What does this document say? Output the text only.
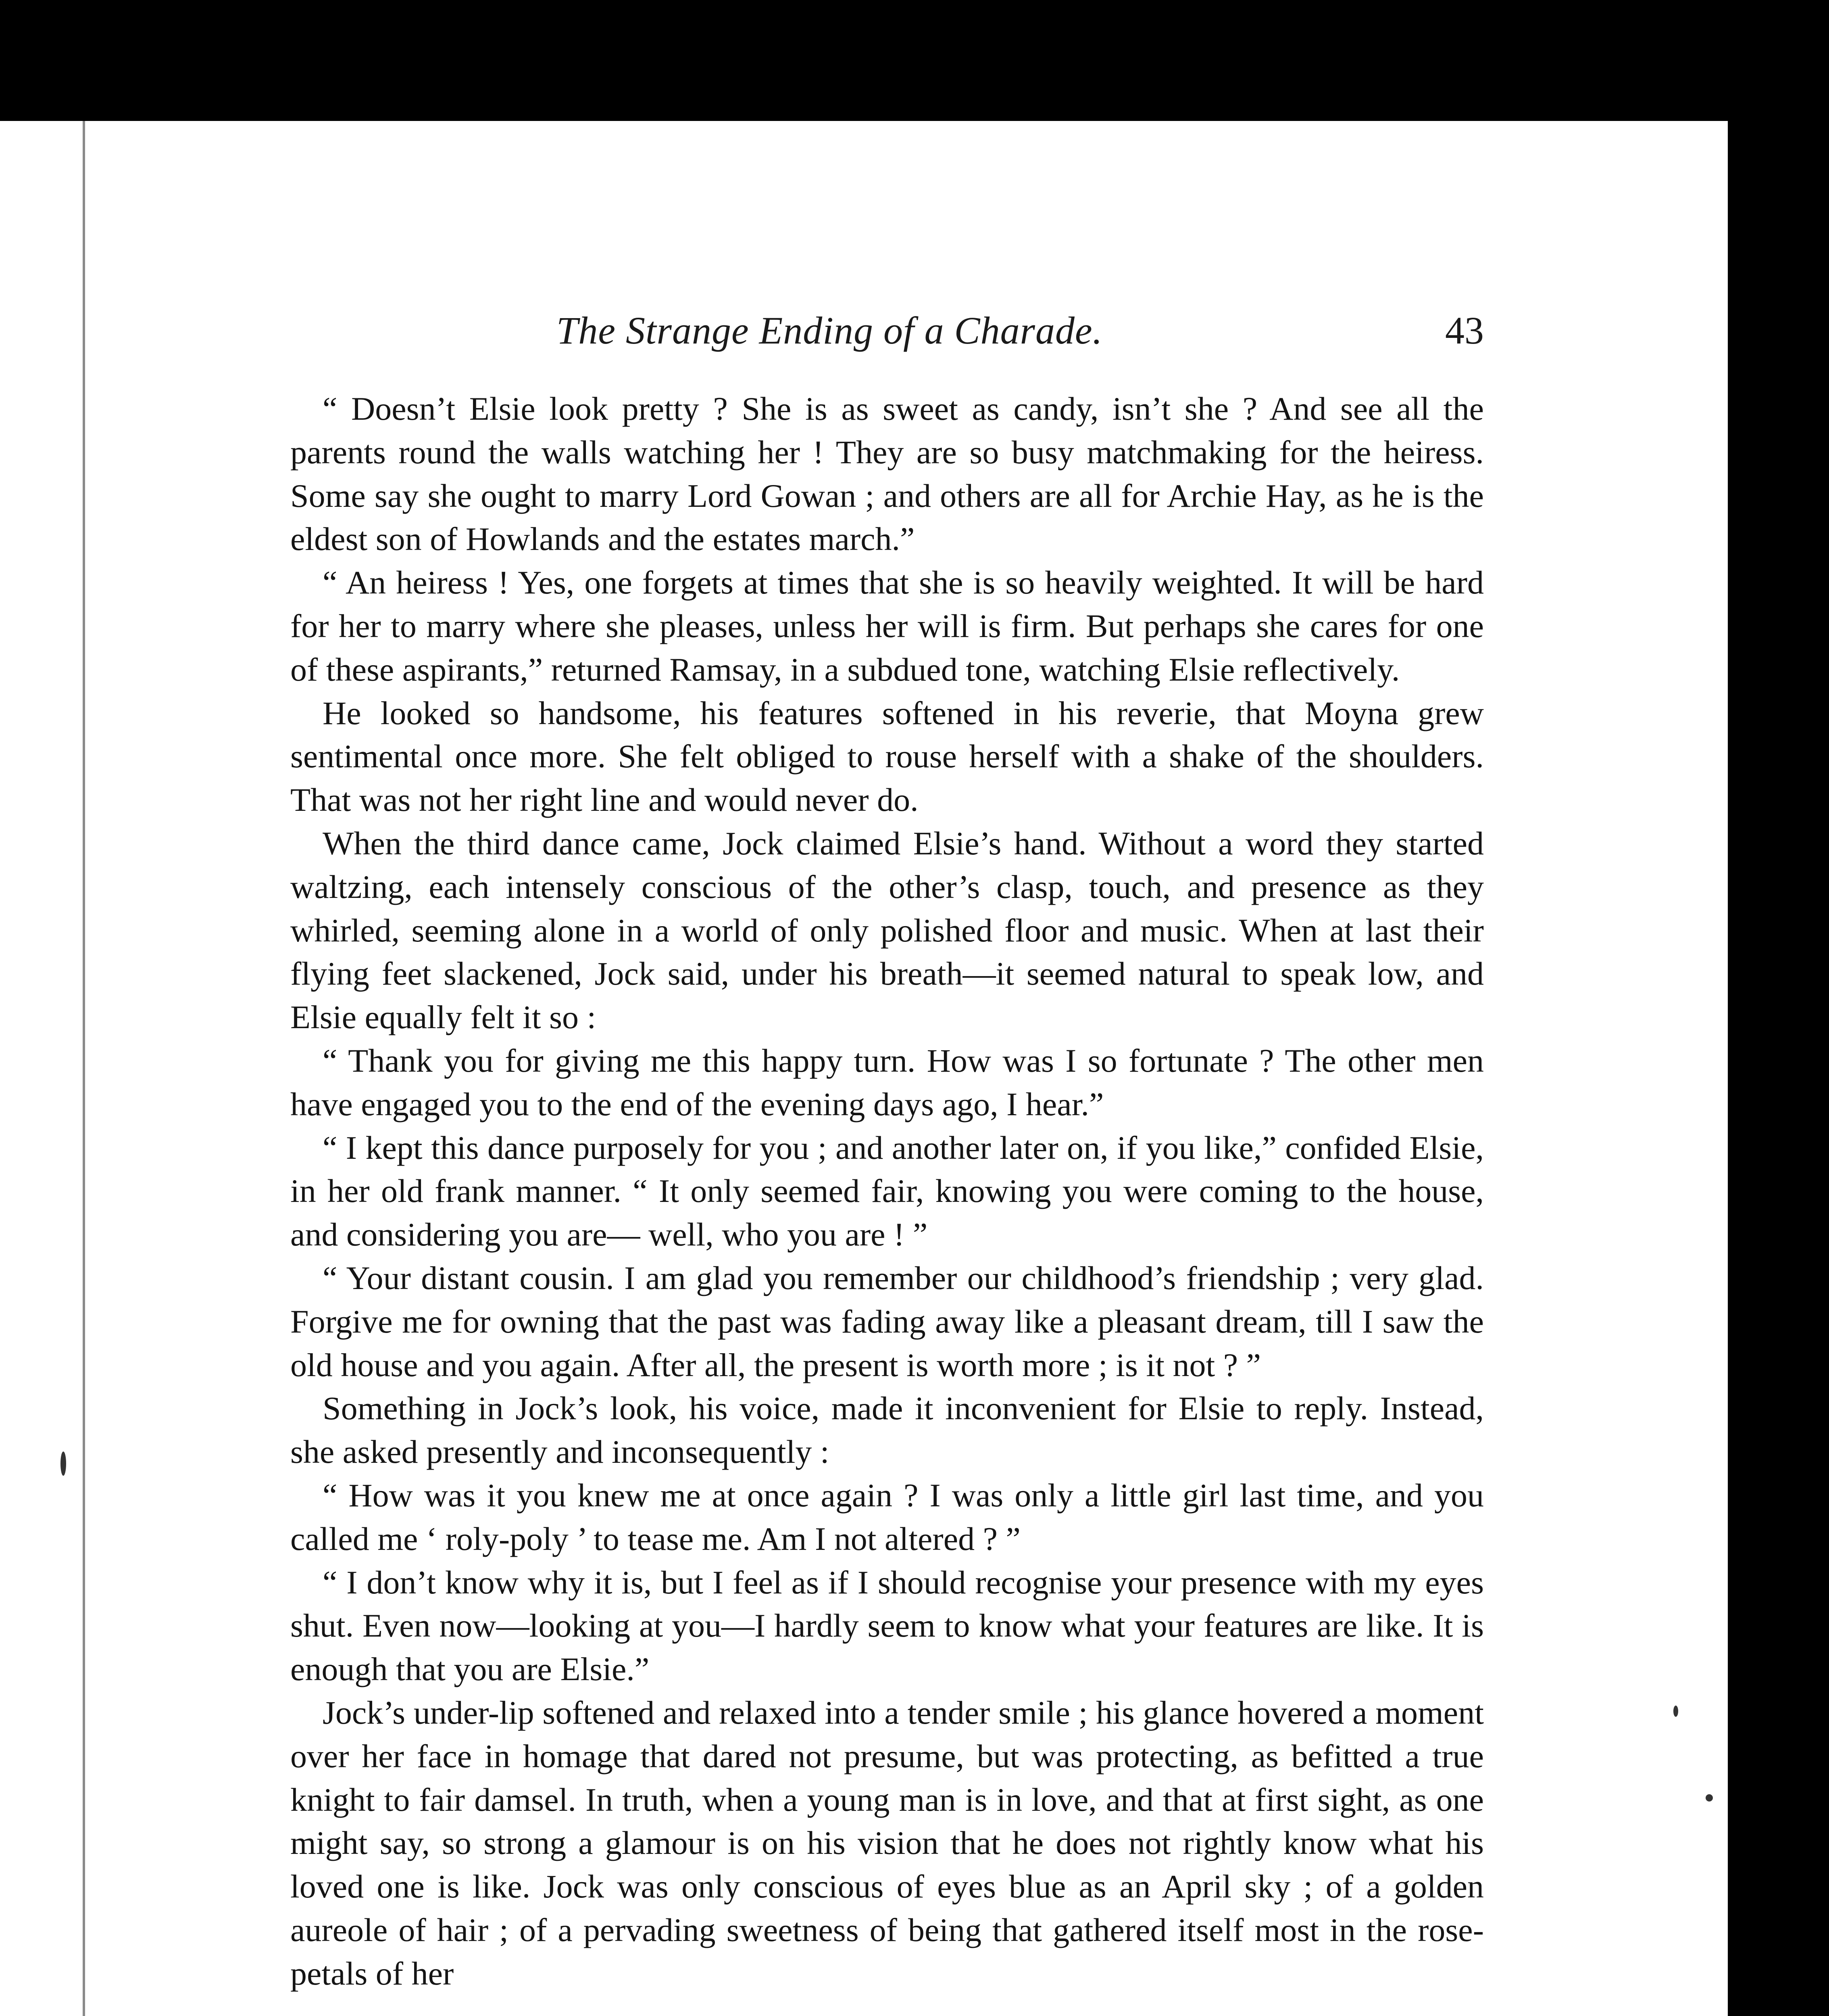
The Strange Ending of a Charade.	43

“ Doesn’t Elsie look pretty ? She is as sweet as candy, isn’t she ? And see all the parents round the walls watching her ! They are so busy matchmaking for the heiress. Some say she ought to marry Lord Gowan ; and others are all for Archie Hay, as he is the eldest son of Howlands and the estates march.”

“ An heiress ! Yes, one forgets at times that she is so heavily weighted. It will be hard for her to marry where she pleases, unless her will is firm. But perhaps she cares for one of these aspirants,” returned Ramsay, in a subdued tone, watching Elsie reflectively.

He looked so handsome, his features softened in his reverie, that Moyna grew sentimental once more. She felt obliged to rouse herself with a shake of the shoulders. That was not her right line and would never do.

When the third dance came, Jock claimed Elsie’s hand. Without a word they started waltzing, each intensely conscious of the other’s clasp, touch, and presence as they whirled, seeming alone in a world of only polished floor and music. When at last their flying feet slackened, Jock said, under his breath—it seemed natural to speak low, and Elsie equally felt it so :

“ Thank you for giving me this happy turn. How was I so fortunate ? The other men have engaged you to the end of the evening days ago, I hear.”

“ I kept this dance purposely for you ; and another later on, if you like,” confided Elsie, in her old frank manner. “ It only seemed fair, knowing you were coming to the house, and considering you are— well, who you are ! ”

“ Your distant cousin. I am glad you remember our childhood’s friendship ; very glad. Forgive me for owning that the past was fading away like a pleasant dream, till I saw the old house and you again. After all, the present is worth more ; is it not ? ”

Something in Jock’s look, his voice, made it inconvenient for Elsie to reply. Instead, she asked presently and inconsequently :

“ How was it you knew me at once again ? I was only a little girl last time, and you called me ‘ roly-poly ’ to tease me. Am I not altered ? ”

“ I don’t know why it is, but I feel as if I should recognise your presence with my eyes shut. Even now—looking at you—I hardly seem to know what your features are like. It is enough that you are Elsie.”

Jock’s under-lip softened and relaxed into a tender smile ; his glance hovered a moment over her face in homage that dared not presume, but was protecting, as befitted a true knight to fair damsel. In truth, when a young man is in love, and that at first sight, as one might say, so strong a glamour is on his vision that he does not rightly know what his loved one is like. Jock was only conscious of eyes blue as an April sky ; of a golden aureole of hair ; of a pervading sweetness of being that gathered itself most in the rose-petals of her
